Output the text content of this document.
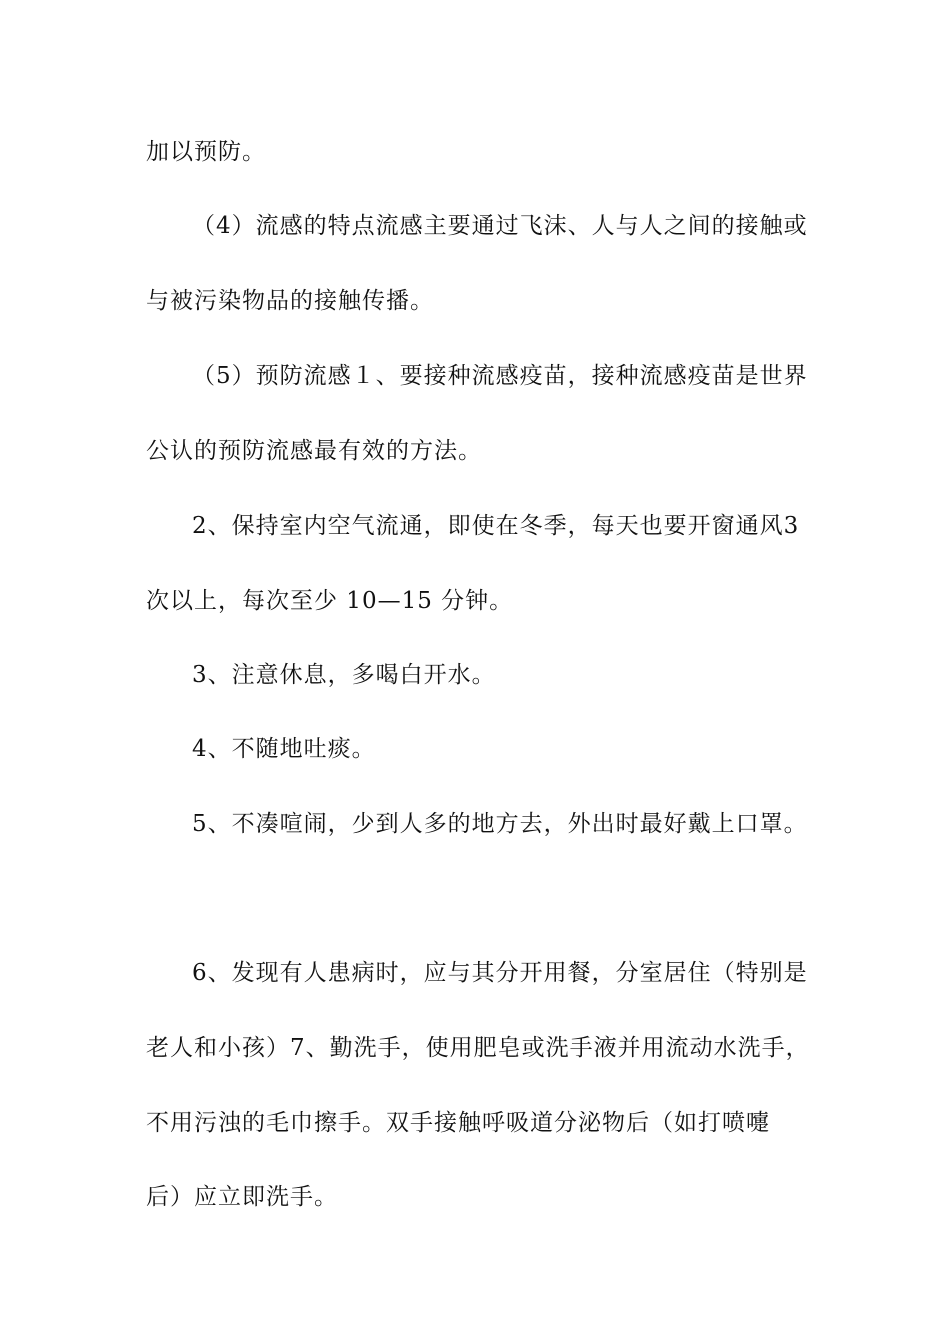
加以预防。
（4）流感的特点流感主要通过飞沫、人与人之间的接触或
与被污染物品的接触传播。
（5）预防流感１、要接种流感疫苗，接种流感疫苗是世界
公认的预防流感最有效的方法。
2、保持室内空气流通，即使在冬季，每天也要开窗通风3
次以上，每次至少 10—15 分钟。
3、注意休息，多喝白开水。
4、不随地吐痰。
5、不凑喧闹，少到人多的地方去，外出时最好戴上口罩。
6、发现有人患病时，应与其分开用餐，分室居住（特别是
老人和小孩）7、勤洗手，使用肥皂或洗手液并用流动水洗手，
不用污浊的毛巾擦手。双手接触呼吸道分泌物后（如打喷嚏
后）应立即洗手。
